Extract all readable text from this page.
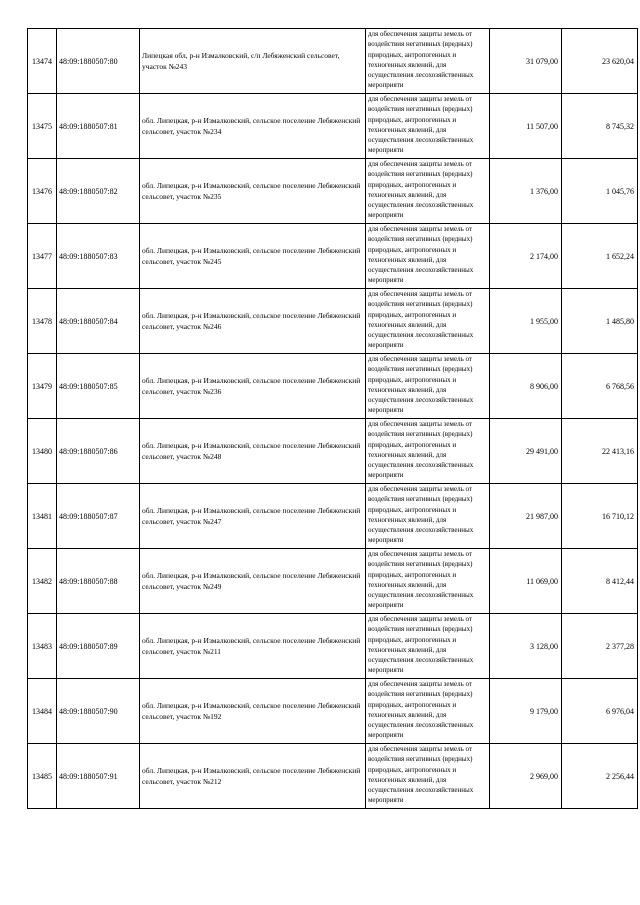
13474	48:09:1880507:80	Липецкая обл, р-н Измалковский, с/п Лебяженский сельсовет, участок №243	для обеспечения защиты земель от воздействия негативных (вредных) природных, антропогенных и техногенных явлений, для осуществления лесохозяйственных мероприяти	31 079,00	23 620,04
13475	48:09:1880507:81	обл. Липецкая, р-н Измалковский, сельское поселение Лебяженский сельсовет, участок №234	для обеспечения защиты земель от воздействия негативных (вредных) природных, антропогенных и техногенных явлений, для осуществления лесохозяйственных мероприяти	11 507,00	8 745,32
13476	48:09:1880507:82	обл. Липецкая, р-н Измалковский, сельское поселение Лебяженский сельсовет, участок №235	для обеспечения защиты земель от воздействия негативных (вредных) природных, антропогенных и техногенных явлений, для осуществления лесохозяйственных мероприяти	1 376,00	1 045,76
13477	48:09:1880507:83	обл. Липецкая, р-н Измалковский, сельское поселение Лебяженский сельсовет, участок №245	для обеспечения защиты земель от воздействия негативных (вредных) природных, антропогенных и техногенных явлений, для осуществления лесохозяйственных мероприяти	2 174,00	1 652,24
13478	48:09:1880507:84	обл. Липецкая, р-н Измалковский, сельское поселение Лебяженский сельсовет, участок №246	для обеспечения защиты земель от воздействия негативных (вредных) природных, антропогенных и техногенных явлений, для осуществления лесохозяйственных мероприяти	1 955,00	1 485,80
13479	48:09:1880507:85	обл. Липецкая, р-н Измалковский, сельское поселение Лебяженский сельсовет, участок №236	для обеспечения защиты земель от воздействия негативных (вредных) природных, антропогенных и техногенных явлений, для осуществления лесохозяйственных мероприяти	8 906,00	6 768,56
13480	48:09:1880507:86	обл. Липецкая, р-н Измалковский, сельское поселение Лебяженский сельсовет, участок №248	для обеспечения защиты земель от воздействия негативных (вредных) природных, антропогенных и техногенных явлений, для осуществления лесохозяйственных мероприяти	29 491,00	22 413,16
13481	48:09:1880507:87	обл. Липецкая, р-н Измалковский, сельское поселение Лебяженский сельсовет, участок №247	для обеспечения защиты земель от воздействия негативных (вредных) природных, антропогенных и техногенных явлений, для осуществления лесохозяйственных мероприяти	21 987,00	16 710,12
13482	48:09:1880507:88	обл. Липецкая, р-н Измалковский, сельское поселение Лебяженский сельсовет, участок №249	для обеспечения защиты земель от воздействия негативных (вредных) природных, антропогенных и техногенных явлений, для осуществления лесохозяйственных мероприяти	11 069,00	8 412,44
13483	48:09:1880507:89	обл. Липецкая, р-н Измалковский, сельское поселение Лебяженский сельсовет, участок №211	для обеспечения защиты земель от воздействия негативных (вредных) природных, антропогенных и техногенных явлений, для осуществления лесохозяйственных мероприяти	3 128,00	2 377,28
13484	48:09:1880507:90	обл. Липецкая, р-н Измалковский, сельское поселение Лебяженский сельсовет, участок №192	для обеспечения защиты земель от воздействия негативных (вредных) природных, антропогенных и техногенных явлений, для осуществления лесохозяйственных мероприяти	9 179,00	6 976,04
13485	48:09:1880507:91	обл. Липецкая, р-н Измалковский, сельское поселение Лебяженский сельсовет, участок №212	для обеспечения защиты земель от воздействия негативных (вредных) природных, антропогенных и техногенных явлений, для осуществления лесохозяйственных мероприяти	2 969,00	2 256,44
